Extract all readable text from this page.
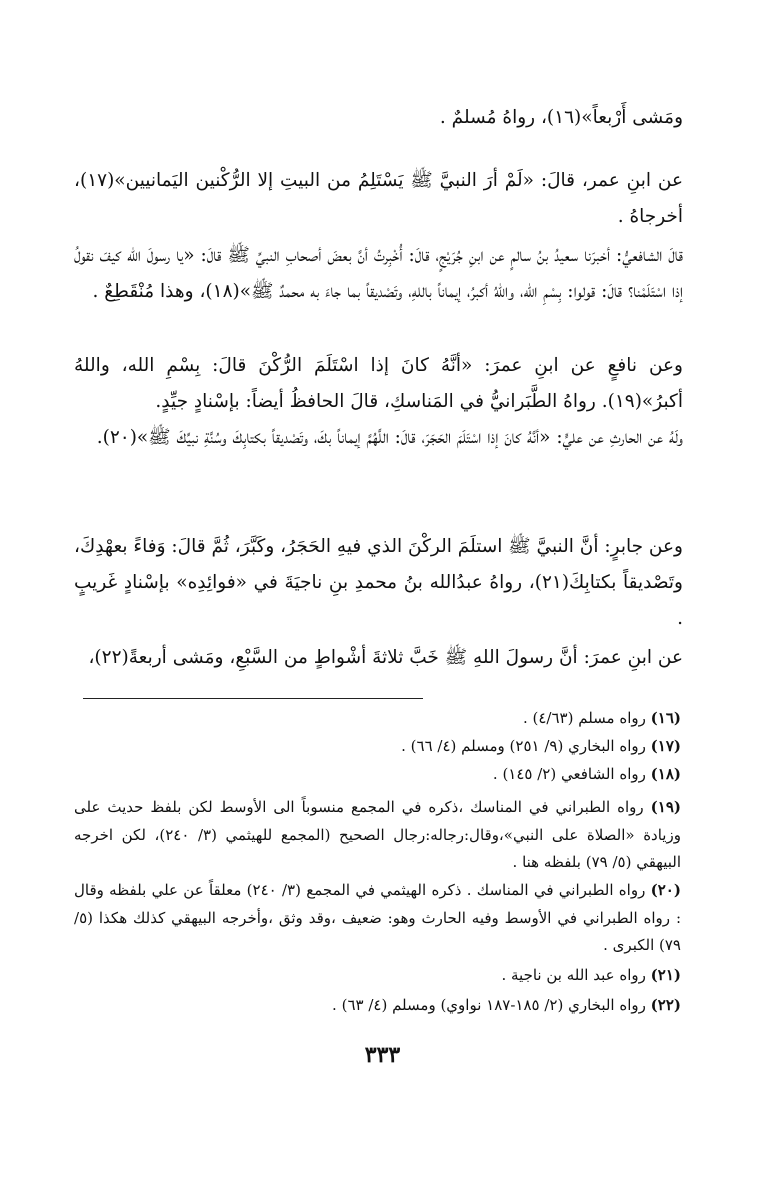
ومَشى أَرْبعاً»(١٦)، رواهُ مُسلمٌ .
عن ابنِ عمر، قالَ: «لَمْ أرَ النبيَّ ﷺ يَسْتَلِمُ من البيتِ إلا الرُّكْنين اليَمانيين»(١٧)، أخرجاهُ .
قالَ الشافعيُّ: أخبرَنا سعيدُ بنُ سالمٍ عن ابنِ جُرَيْجٍ، قالَ: أُخْبِرتُ أنَّ بعضَ أصحابِ النبيِّ ﷺ قالَ: «يا رسولَ الله كيفَ نقولُ إذا اسْتَلَمْنا؟ قالَ: قولوا: بِسْمِ الله، واللهُ أكبرُ، إيماناً باللهِ، وتَصْديقاً بما جاءَ به محمدٌ ﷺ»(١٨)، وهذا مُنْقَطِعٌ .
وعن نافعٍ عن ابنِ عمرَ: «أنَّهُ كانَ إذا اسْتَلَمَ الرُّكْنَ قالَ: بِسْمِ الله، واللهُ أكبرُ»(١٩). رواهُ الطَّبَرانيُّ في المَناسكِ، قالَ الحافظُ أيضاً: بإسْنادٍ جيِّدٍ.
ولَهُ عن الحارثِ عن عليٍّ: «أنَّهُ كانَ إذا اسْتَلَمَ الحَجَرَ، قالَ: اللَّهُمَّ إيماناً بكَ، وتَصْديقاً بكتابِكَ وسُنَّةِ نبيِّكَ ﷺ»(٢٠).
وعن جابرٍ: أنَّ النبيَّ ﷺ استلَمَ الركْنَ الذي فيهِ الحَجَرُ، وكَبَّرَ، ثُمَّ قالَ: وَفاءً بعهْدِكَ، وتَصْديقاً بكتابِكَ(٢١)، رواهُ عبدُالله بنُ محمدِ بنِ ناجيَةَ في «فوائِدِه» بإسْنادٍ غَريبٍ .
عن ابنِ عمرَ: أنَّ رسولَ اللهِ ﷺ خَبَّ ثلاثةَ أشْواطٍ من السَّبْعِ، ومَشى أربعةً(٢٢)،
(١٦) رواه مسلم (٤/٦٣) .
(١٧) رواه البخاري (٩/ ٢٥١) ومسلم (٤/ ٦٦) .
(١٨) رواه الشافعي (٢/ ١٤٥) .
(١٩) رواه الطبراني في المناسك ،ذكره في المجمع منسوباً الى الأوسط لكن بلفظ حديث على وزيادة «الصلاة على النبي»،وقال:رجاله:رجال الصحيح (المجمع للهيثمي (٣/ ٢٤٠)، لكن اخرجه البيهقي (٥/ ٧٩) بلفظه هنا .
(٢٠) رواه الطبراني في المناسك . ذكره الهيثمي في المجمع (٣/ ٢٤٠) معلقاً عن علي بلفظه وقال : رواه الطبراني في الأوسط وفيه الحارث وهو: ضعيف ،وقد وثق ،وأخرجه البيهقي كذلك هكذا (٥/ ٧٩) الكبرى .
(٢١) رواه عبد الله بن ناجية .
(٢٢) رواه البخاري (٢/ ١٨٥-١٨٧ نواوي) ومسلم (٤/ ٦٣) .
٣٣٣
